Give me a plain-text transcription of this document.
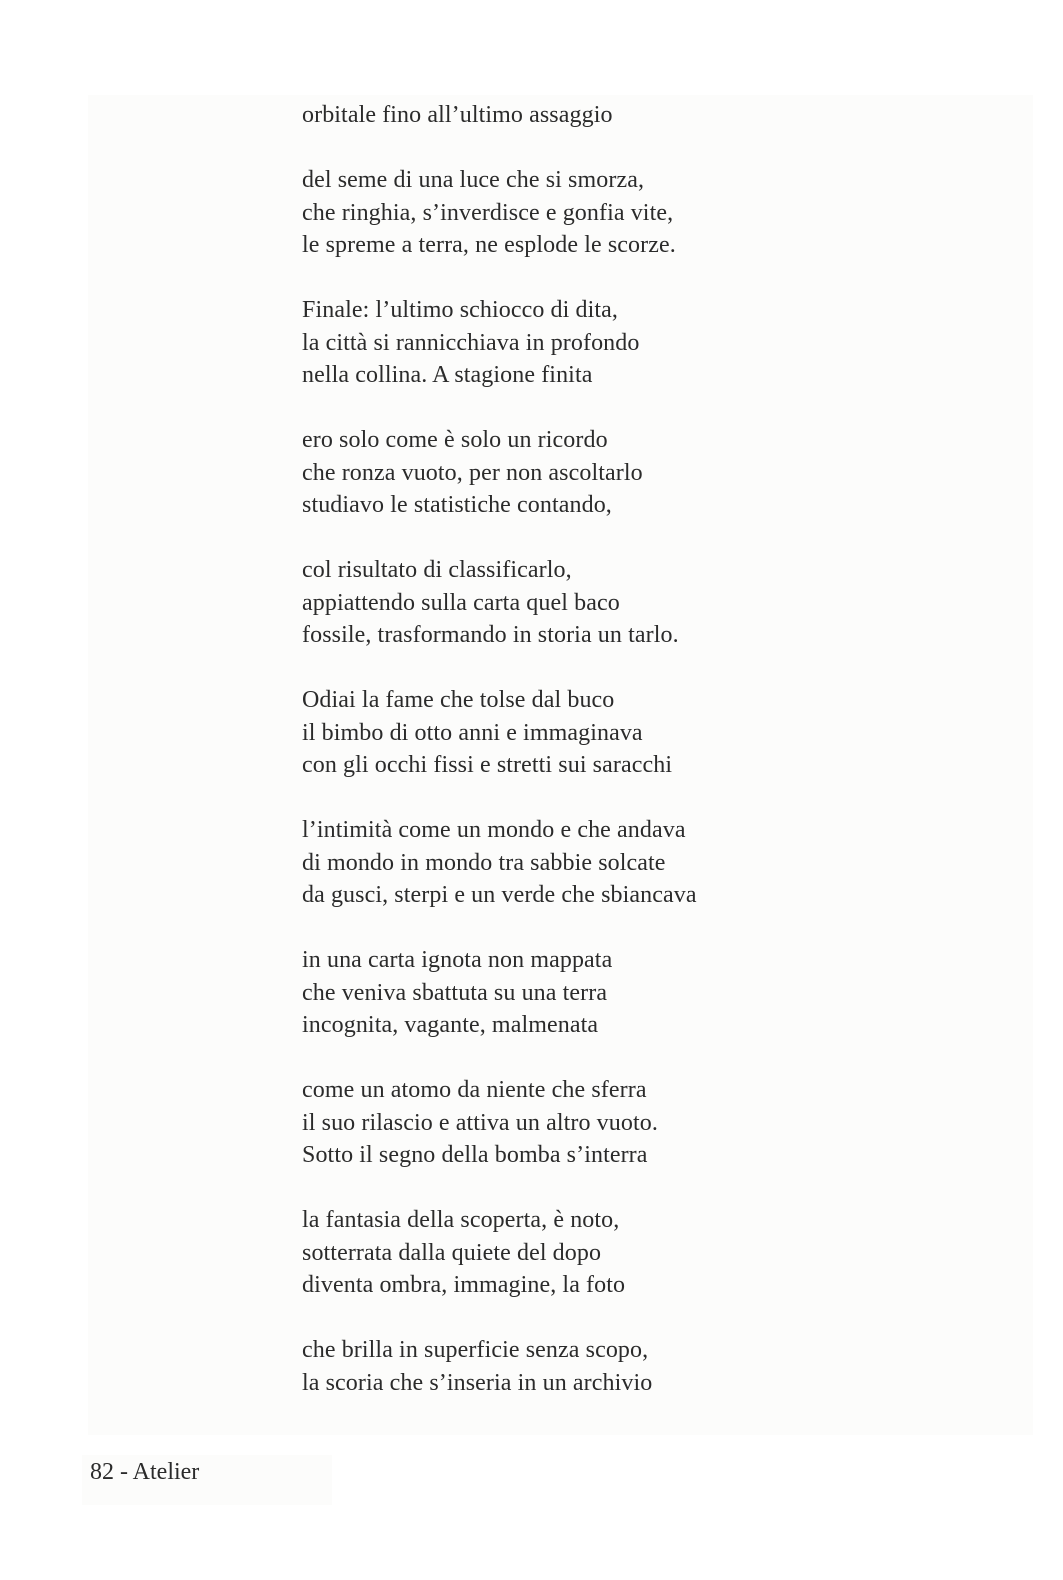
orbitale fino all’ultimo assaggio
del seme di una luce che si smorza,
che ringhia, s’inverdisce e gonfia vite,
le spreme a terra, ne esplode le scorze.
Finale: l’ultimo schiocco di dita,
la città si rannicchiava in profondo
nella collina. A stagione finita
ero solo come è solo un ricordo
che ronza vuoto, per non ascoltarlo
studiavo le statistiche contando,
col risultato di classificarlo,
appiattendo sulla carta quel baco
fossile, trasformando in storia un tarlo.
Odiai la fame che tolse dal buco
il bimbo di otto anni e immaginava
con gli occhi fissi e stretti sui saracchi
l’intimità come un mondo e che andava
di mondo in mondo tra sabbie solcate
da gusci, sterpi e un verde che sbiancava
in una carta ignota non mappata
che veniva sbattuta su una terra
incognita, vagante, malmenata
come un atomo da niente che sferra
il suo rilascio e attiva un altro vuoto.
Sotto il segno della bomba s’interra
la fantasia della scoperta, è noto,
sotterrata dalla quiete del dopo
diventa ombra, immagine, la foto
che brilla in superficie senza scopo,
la scoria che s’inseria in un archivio
82 - Atelier
